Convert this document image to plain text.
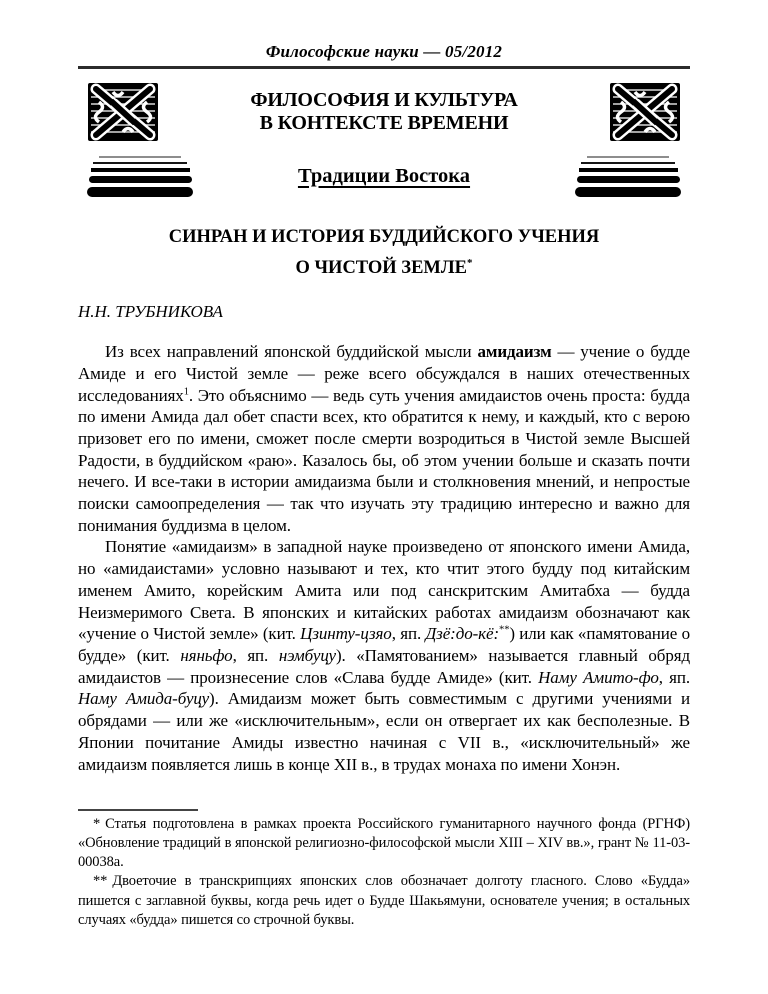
Философские науки — 05/2012
ФИЛОСОФИЯ И КУЛЬТУРА
В КОНТЕКСТЕ ВРЕМЕНИ
Традиции Востока
СИНРАН И ИСТОРИЯ БУДДИЙСКОГО УЧЕНИЯ
О ЧИСТОЙ ЗЕМЛЕ*
Н.Н. ТРУБНИКОВА

Из всех направлений японской буддийской мысли амидаизм — учение о будде Амиде и его Чистой земле — реже всего обсуждался в наших отечественных исследованиях$^1$. Это объяснимо — ведь суть учения амидаистов очень проста: будда по имени Амида дал обет спасти всех, кто обратится к нему, и каждый, кто с верою призовет его по имени, сможет после смерти возродиться в Чистой земле Высшей Радости, в буддийском «раю». Казалось бы, об этом учении больше и сказать почти нечего. И все-таки в истории амидаизма были и столкновения мнений, и непростые поиски самоопределения — так что изучать эту традицию интересно и важно для понимания буддизма в целом.

Понятие «амидаизм» в западной науке произведено от японского имени Амида, но «амидаистами» условно называют и тех, кто чтит этого будду под китайским именем Амито, корейским Амита или под санскритским Амитабха — будда Неизмеримого Света. В японских и китайских работах амидаизм обозначают как «учение о Чистой земле» (кит. Цзинту-цзяо, яп. Дзё:до-кё:**) или как «памятование о будде» (кит. няньфо, яп. нэмбуцу). «Памятованием» называется главный обряд амидаистов — произнесение слов «Слава будде Амиде» (кит. Наму Амито-фо, яп. Наму Амида-буцу). Амидаизм может быть совместимым с другими учениями и обрядами — или же «исключительным», если он отвергает их как бесполезные. В Японии почитание Амиды известно начиная с VII в., «исключительный» же амидаизм появляется лишь в конце XII в., в трудах монаха по имени Хонэн.

* Статья подготовлена в рамках проекта Российского гуманитарного научного фонда (РГНФ) «Обновление традиций в японской религиозно-философской мысли XIII – XIV вв.», грант № 11-03-00038а.

** Двоеточие в транскрипциях японских слов обозначает долготу гласного. Слово «Будда» пишется с заглавной буквы, когда речь идет о Будде Шакьямуни, основателе учения; в остальных случаях «будда» пишется со строчной буквы.
